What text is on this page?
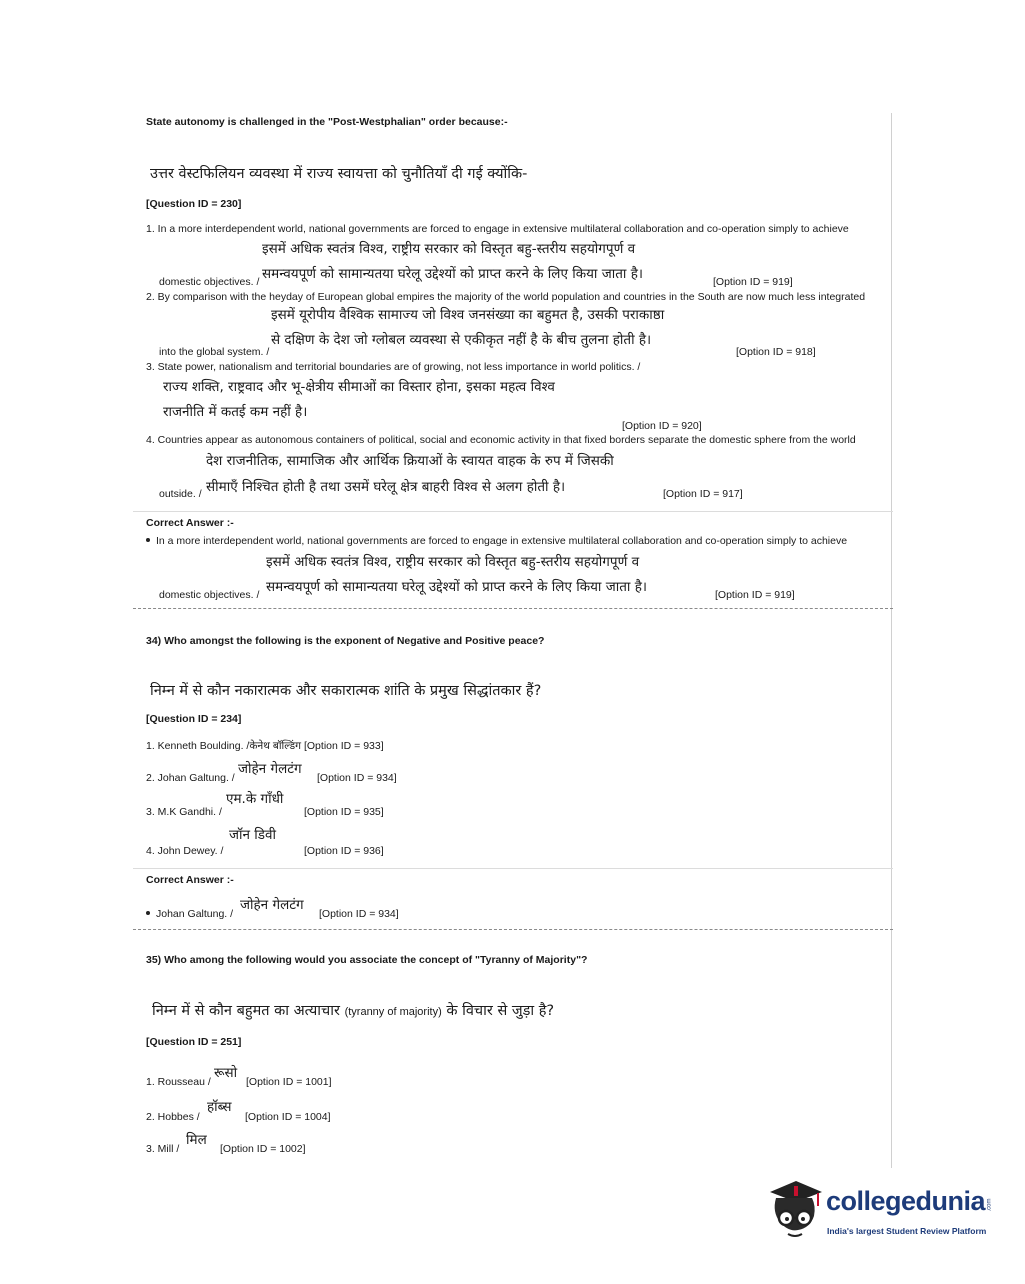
State autonomy is challenged in the "Post-Westphalian" order because:-
उत्तर वेस्टफिलियन व्यवस्था में राज्य स्वायत्ता को चुनौतियाँ दी गई क्योंकि-
[Question ID = 230]
1. In a more interdependent world, national governments are forced to engage in extensive multilateral collaboration and co-operation simply to achieve
इसमें अधिक स्वतंत्र विश्व, राष्ट्रीय सरकार को विस्तृत बहु-स्तरीय सहयोगपूर्ण व
समन्वयपूर्ण को सामान्यतया घरेलू उद्देश्यों को प्राप्त करने के लिए किया जाता है।
domestic objectives. /	[Option ID = 919]
2. By comparison with the heyday of European global empires the majority of the world population and countries in the South are now much less integrated
इसमें यूरोपीय वैश्विक सामाज्य जो विश्व जनसंख्या का बहुमत है, उसकी पराकाष्ठा
से दक्षिण के देश जो ग्लोबल व्यवस्था से एकीकृत नहीं है के बीच तुलना होती है।
into the global system. /	[Option ID = 918]
3. State power, nationalism and territorial boundaries are of growing, not less importance in world politics. /
राज्य शक्ति, राष्ट्रवाद और भू-क्षेत्रीय सीमाओं का विस्तार होना, इसका महत्व विश्व
राजनीति में कतई कम नहीं है।
[Option ID = 920]
4. Countries appear as autonomous containers of political, social and economic activity in that fixed borders separate the domestic sphere from the world
देश राजनीतिक, सामाजिक और आर्थिक क्रियाओं के स्वायत वाहक के रुप में जिसकी
सीमाएँ निश्चित होती है तथा उसमें घरेलू क्षेत्र बाहरी विश्व से अलग होती है।
outside. /	[Option ID = 917]
Correct Answer :-
In a more interdependent world, national governments are forced to engage in extensive multilateral collaboration and co-operation simply to achieve
इसमें अधिक स्वतंत्र विश्व, राष्ट्रीय सरकार को विस्तृत बहु-स्तरीय सहयोगपूर्ण व
समन्वयपूर्ण को सामान्यतया घरेलू उद्देश्यों को प्राप्त करने के लिए किया जाता है।
domestic objectives. /	[Option ID = 919]
34) Who amongst the following is the exponent of Negative and Positive peace?
निम्न में से कौन नकारात्मक और सकारात्मक शांति के प्रमुख सिद्धांतकार हैं?
[Question ID = 234]
1. Kenneth Boulding. /केनेथ बॉल्डिंग [Option ID = 933]
जोहेन गेलटंग
2. Johan Galtung. /	[Option ID = 934]
एम.के गाँधी
3. M.K Gandhi. /	[Option ID = 935]
जॉन डिवी
4. John Dewey. /	[Option ID = 936]
Correct Answer :-
जोहेन गेलटंग
Johan Galtung. /	[Option ID = 934]
35) Who among the following would you associate the concept of "Tyranny of Majority"?
निम्न में से कौन बहुमत का अत्याचार (tyranny of majority) के विचार से जुड़ा है?
[Question ID = 251]
रूसो
1. Rousseau /	[Option ID = 1001]
हॉब्स
2. Hobbes /	[Option ID = 1004]
मिल
3. Mill /	[Option ID = 1002]
collegedunia .com
India's largest Student Review Platform
